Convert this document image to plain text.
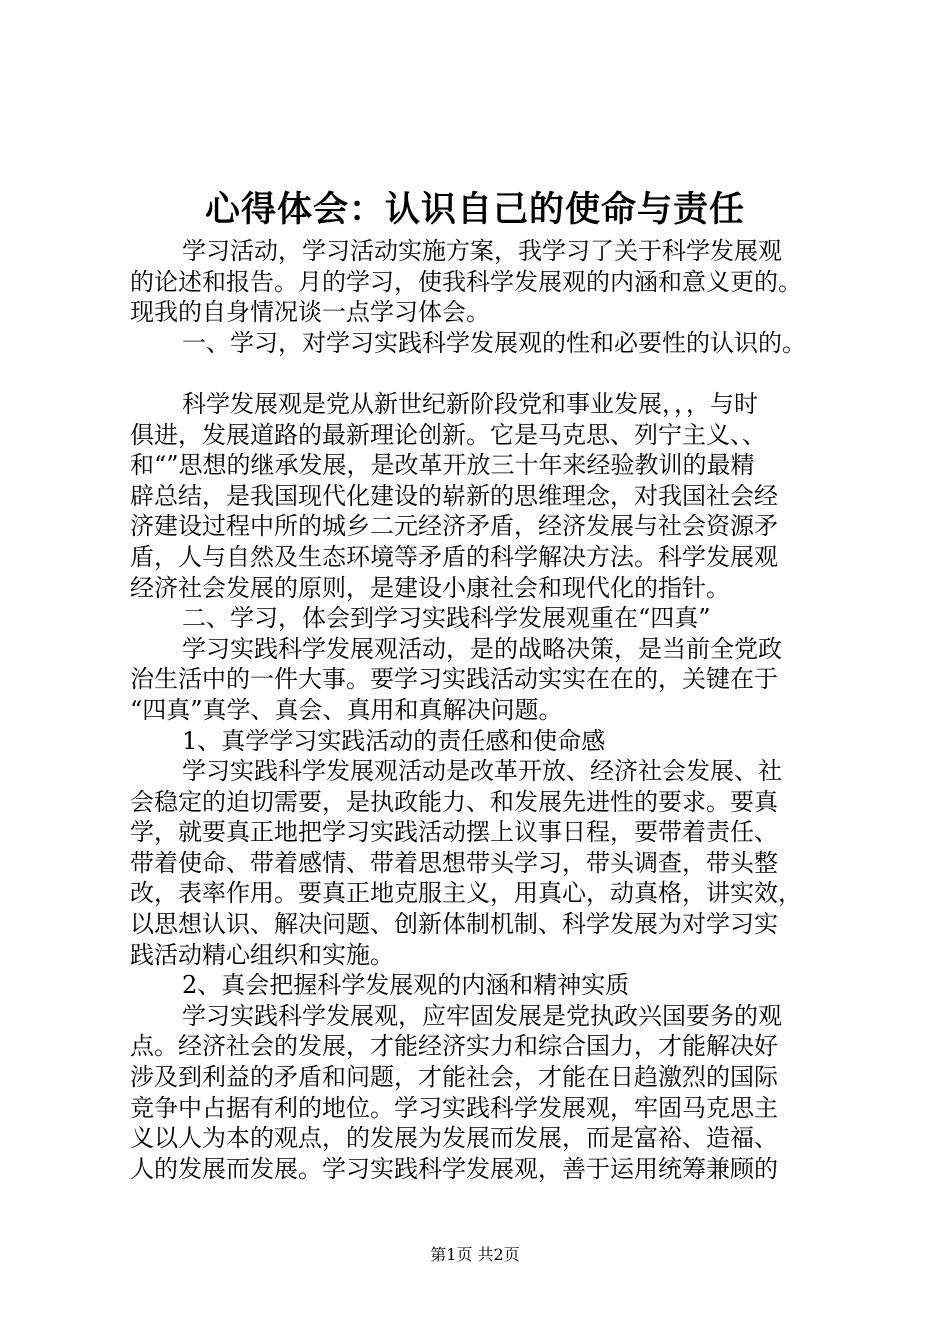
心得体会：认识自己的使命与责任
学习活动，学习活动实施方案，我学习了关于科学发展观
的论述和报告。月的学习，使我科学发展观的内涵和意义更的。
现我的自身情况谈一点学习体会。
一、学习，对学习实践科学发展观的性和必要性的认识的。
科学发展观是党从新世纪新阶段党和事业发展，，，与时
俱进，发展道路的最新理论创新。它是马克思、列宁主义、、
和“”思想的继承发展，是改革开放三十年来经验教训的最精
辟总结，是我国现代化建设的崭新的思维理念，对我国社会经
济建设过程中所的城乡二元经济矛盾，经济发展与社会资源矛
盾，人与自然及生态环境等矛盾的科学解决方法。科学发展观
经济社会发展的原则，是建设小康社会和现代化的指针。
二、学习，体会到学习实践科学发展观重在“四真”
学习实践科学发展观活动，是的战略决策，是当前全党政
治生活中的一件大事。要学习实践活动实实在在的，关键在于
“四真”真学、真会、真用和真解决问题。
1、真学学习实践活动的责任感和使命感
学习实践科学发展观活动是改革开放、经济社会发展、社
会稳定的迫切需要，是执政能力、和发展先进性的要求。要真
学，就要真正地把学习实践活动摆上议事日程，要带着责任、
带着使命、带着感情、带着思想带头学习，带头调查，带头整
改，表率作用。要真正地克服主义，用真心，动真格，讲实效，
以思想认识、解决问题、创新体制机制、科学发展为对学习实
践活动精心组织和实施。
2、真会把握科学发展观的内涵和精神实质
学习实践科学发展观，应牢固发展是党执政兴国要务的观
点。经济社会的发展，才能经济实力和综合国力，才能解决好
涉及到利益的矛盾和问题，才能社会，才能在日趋激烈的国际
竞争中占据有利的地位。学习实践科学发展观，牢固马克思主
义以人为本的观点，的发展为发展而发展，而是富裕、造福、
人的发展而发展。学习实践科学发展观，善于运用统筹兼顾的
第1页 共2页
